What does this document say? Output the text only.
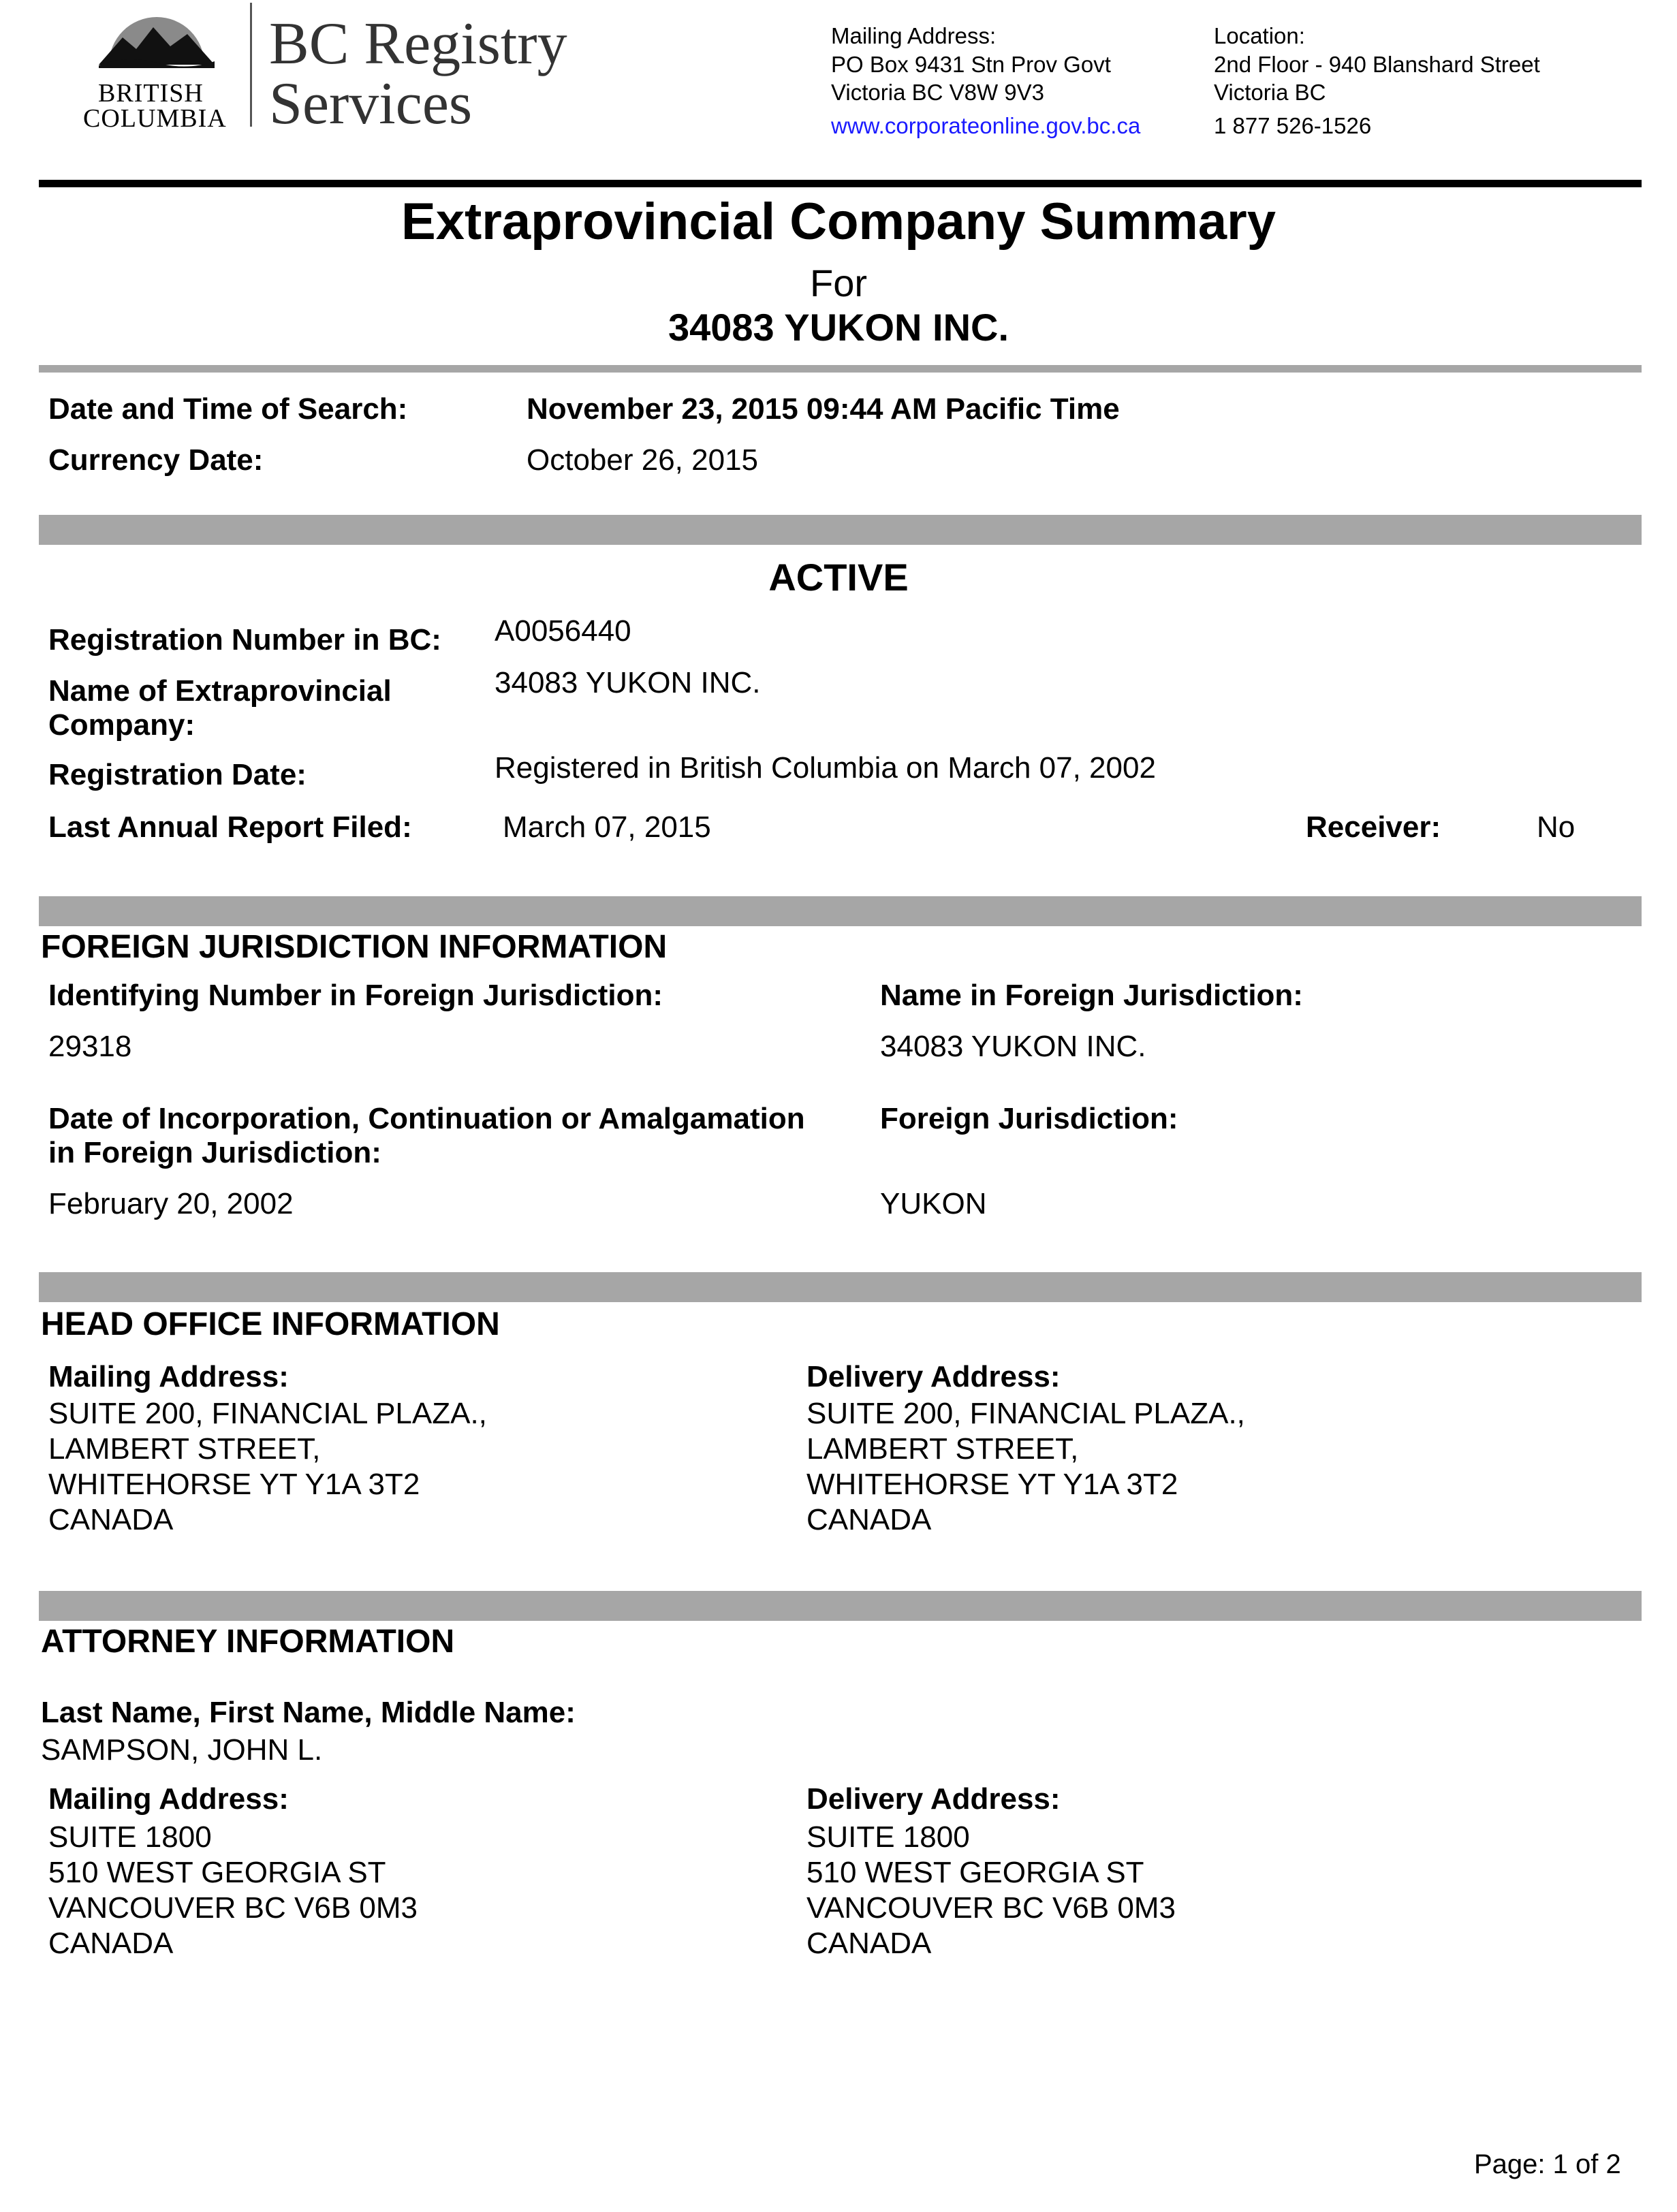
BRITISH
COLUMBIA
BC Registry
Services
Mailing Address:
PO Box 9431 Stn Prov Govt
Victoria BC V8W 9V3
www.corporateonline.gov.bc.ca
Location:
2nd Floor - 940 Blanshard Street
Victoria BC
1 877 526-1526
Extraprovincial Company Summary
For
34083 YUKON INC.
Date and Time of Search:	November 23, 2015 09:44 AM Pacific Time
Currency Date:	October 26, 2015
ACTIVE
Registration Number in BC: A0056440
Name of Extraprovincial
Company:
34083 YUKON INC.
Registration Date:	Registered in British Columbia on March 07, 2002
Last Annual Report Filed:	March 07, 2015	Receiver:	No
FOREIGN JURISDICTION INFORMATION
Identifying Number in Foreign Jurisdiction:
29318
Name in Foreign Jurisdiction:
34083 YUKON INC.
Date of Incorporation, Continuation or Amalgamation
in Foreign Jurisdiction:
February 20, 2002
Foreign Jurisdiction:
YUKON
HEAD OFFICE INFORMATION
Mailing Address:
SUITE 200, FINANCIAL PLAZA.,
LAMBERT STREET,
WHITEHORSE YT Y1A 3T2
CANADA
Delivery Address:
SUITE 200, FINANCIAL PLAZA.,
LAMBERT STREET,
WHITEHORSE YT Y1A 3T2
CANADA
ATTORNEY INFORMATION
Last Name, First Name, Middle Name:
SAMPSON, JOHN L.
Mailing Address:
SUITE 1800
510 WEST GEORGIA ST
VANCOUVER BC V6B 0M3
CANADA
Delivery Address:
SUITE 1800
510 WEST GEORGIA ST
VANCOUVER BC V6B 0M3
CANADA
Page: 1 of 2
